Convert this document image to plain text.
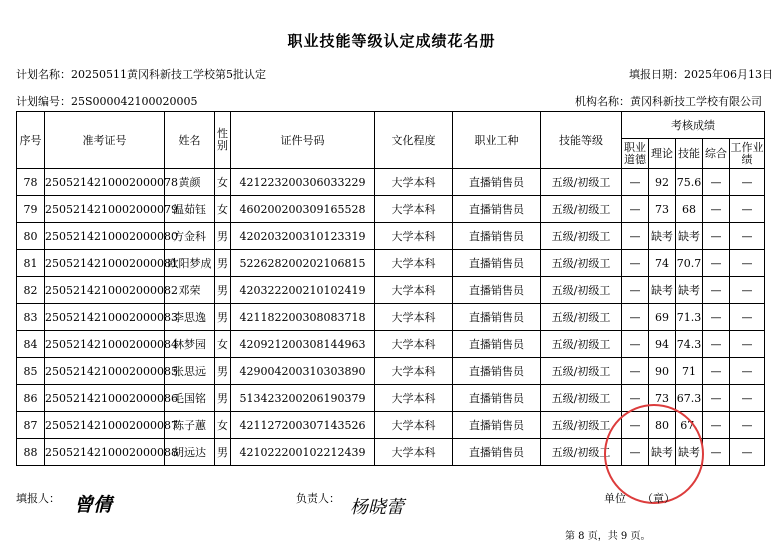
职业技能等级认定成绩花名册
计划名称：20250511黄冈科新技工学校第5批认定	填报日期：2025年06月13日
计划编号：25S000042100020005	机构名称：黄冈科新技工学校有限公司
序号	准考证号	姓名	性别	证件号码	文化程度	职业工种	技能等级	考核成绩				
								职业道德	理论	技能	综合	工作业绩
78	2505214210002000078	黄颜	女	421223200306033229	大学本科	直播销售员	五级/初级工	—	92	75.6	—	—
79	2505214210002000079	温茹钰	女	460200200309165528	大学本科	直播销售员	五级/初级工	—	73	68	—	—
80	2505214210002000080	方金科	男	420203200310123319	大学本科	直播销售员	五级/初级工	—	缺考	缺考	—	—
81	2505214210002000081	欧阳梦成	男	522628200202106815	大学本科	直播销售员	五级/初级工	—	74	70.7	—	—
82	2505214210002000082	邓荣	男	420322200210102419	大学本科	直播销售员	五级/初级工	—	缺考	缺考	—	—
83	2505214210002000083	李思逸	男	421182200308083718	大学本科	直播销售员	五级/初级工	—	69	71.3	—	—
84	2505214210002000084	林梦园	女	420921200308144963	大学本科	直播销售员	五级/初级工	—	94	74.3	—	—
85	2505214210002000085	张思远	男	429004200310303890	大学本科	直播销售员	五级/初级工	—	90	71	—	—
86	2505214210002000086	毛国铭	男	513423200206190379	大学本科	直播销售员	五级/初级工	—	73	67.3	—	—
87	2505214210002000087	陈子蕙	女	421127200307143526	大学本科	直播销售员	五级/初级工	—	80	67.	—	—
88	2505214210002000088	胡远达	男	421022200102212439	大学本科	直播销售员	五级/初级工	—	缺考	缺考	—	—
填报人： 曾倩	负责人： 杨晓蕾	单位 （章）
第 8 页，共 9 页。
